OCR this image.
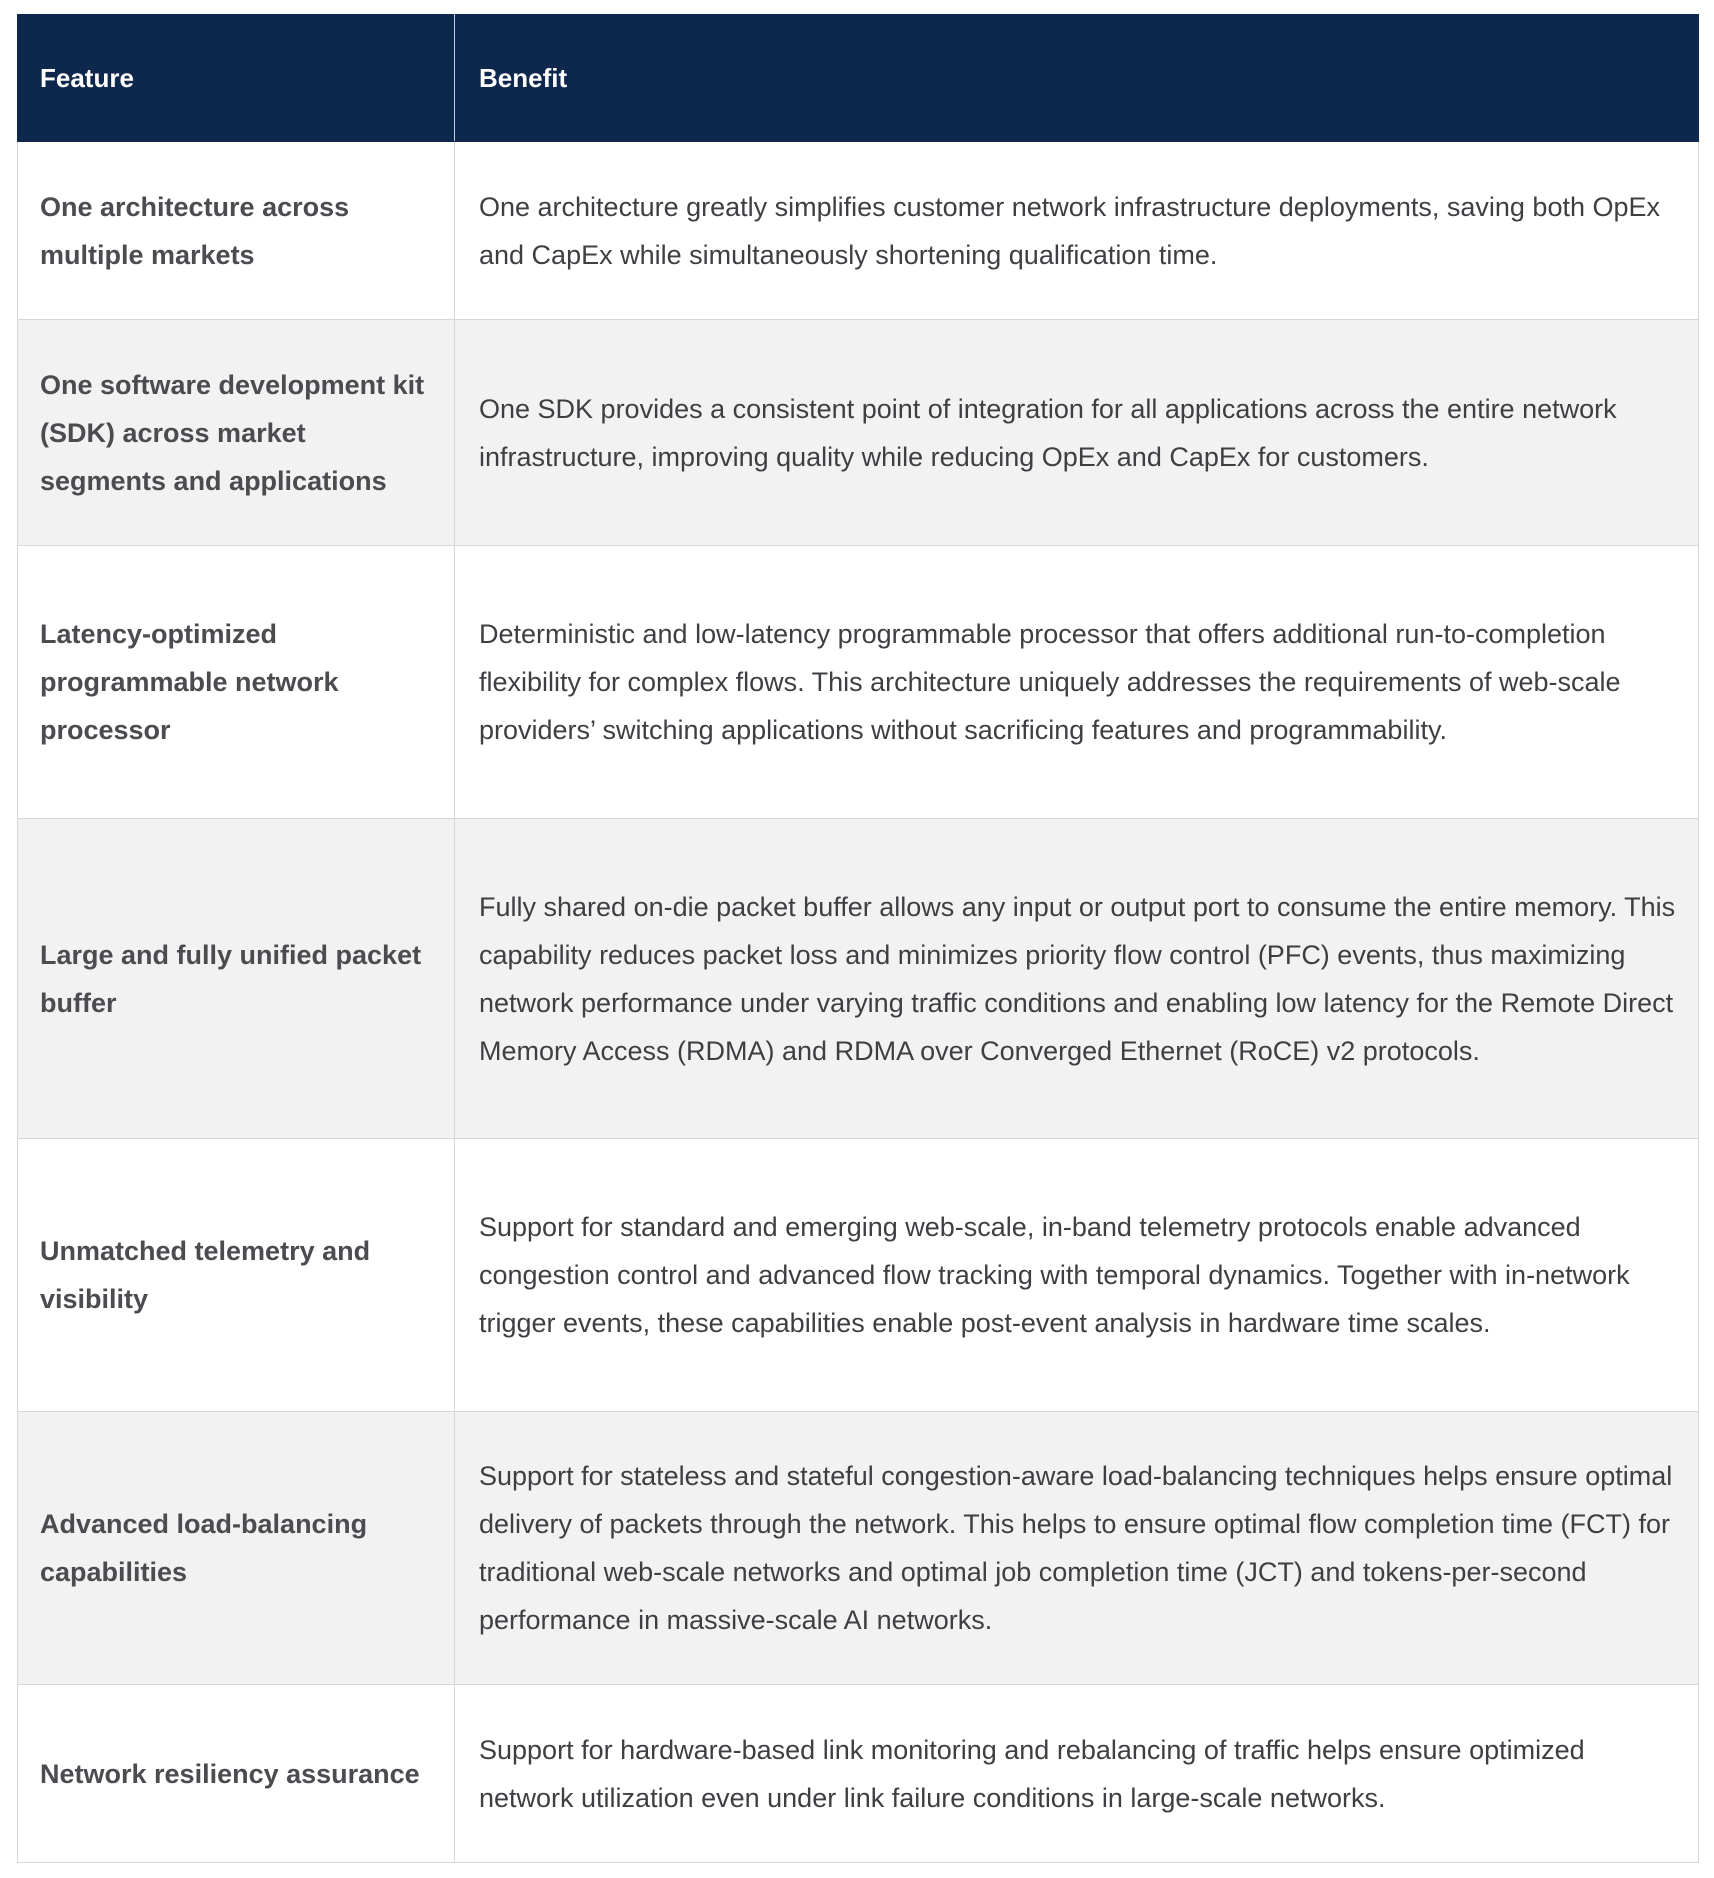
Feature	Benefit
One architecture across multiple markets	One architecture greatly simplifies customer network infrastructure deployments, saving both OpEx and CapEx while simultaneously shortening qualification time.
One software development kit (SDK) across market segments and applications	One SDK provides a consistent point of integration for all applications across the entire network infrastructure, improving quality while reducing OpEx and CapEx for customers.
Latency-optimized programmable network processor	Deterministic and low-latency programmable processor that offers additional run-to-completion flexibility for complex flows. This architecture uniquely addresses the requirements of web-scale providers’ switching applications without sacrificing features and programmability.
Large and fully unified packet buffer	Fully shared on-die packet buffer allows any input or output port to consume the entire memory. This capability reduces packet loss and minimizes priority flow control (PFC) events, thus maximizing network performance under varying traffic conditions and enabling low latency for the Remote Direct Memory Access (RDMA) and RDMA over Converged Ethernet (RoCE) v2 protocols.
Unmatched telemetry and visibility	Support for standard and emerging web-scale, in-band telemetry protocols enable advanced congestion control and advanced flow tracking with temporal dynamics. Together with in-network trigger events, these capabilities enable post-event analysis in hardware time scales.
Advanced load-balancing capabilities	Support for stateless and stateful congestion-aware load-balancing techniques helps ensure optimal delivery of packets through the network. This helps to ensure optimal flow completion time (FCT) for traditional web-scale networks and optimal job completion time (JCT) and tokens-per-second performance in massive-scale AI networks.
Network resiliency assurance	Support for hardware-based link monitoring and rebalancing of traffic helps ensure optimized network utilization even under link failure conditions in large-scale networks.
